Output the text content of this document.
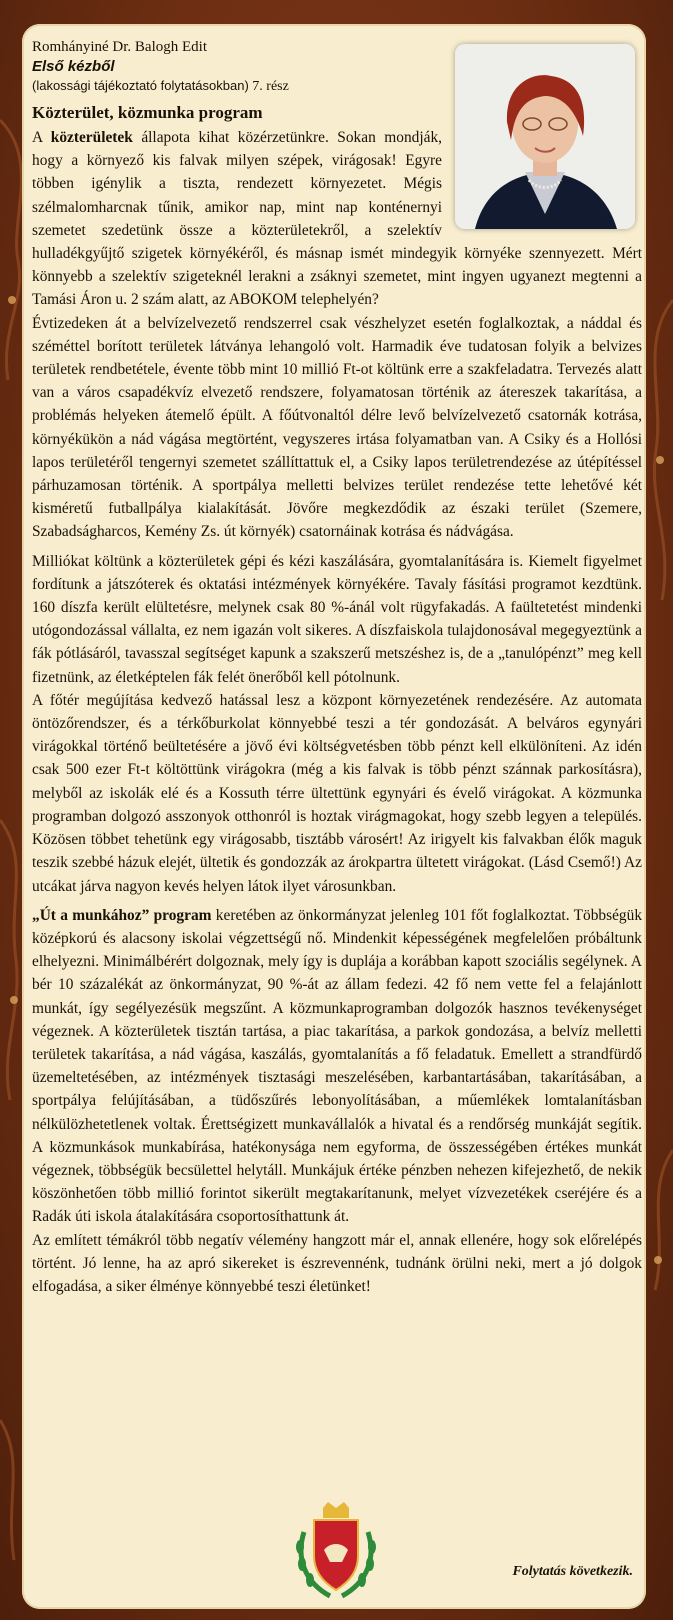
Romhányiné Dr. Balogh Edit
Első kézből
(lakossági tájékoztató folytatásokban) 7. rész
Közterület, közmunka program

A közterületek állapota kihat közérzetünkre. Sokan mondják, hogy a környező kis falvak milyen szépek, virágosak! Egyre többen igénylik a tiszta, rendezett környezetet. Mégis szélmalomharcnak tűnik, amikor nap, mint nap konténernyi szemetet szedetünk össze a közterületekről, a szelektív hulladékgyűjtő szigetek környékéről, és másnap ismét mindegyik környéke szennyezett. Mért könnyebb a szelektív szigeteknél lerakni a zsáknyi szemetet, mint ingyen ugyanezt megtenni a Tamási Áron u. 2 szám alatt, az ABOKOM telephelyén?

Évtizedeken át a belvízelvezető rendszerrel csak vészhelyzet esetén foglalkoztak, a náddal és széméttel borított területek látványa lehangoló volt. Harmadik éve tudatosan folyik a belvizes területek rendbetétele, évente több mint 10 millió Ft-ot költünk erre a szakfeladatra. Tervezés alatt van a város csapadékvíz elvezető rendszere, folyamatosan történik az átereszek takarítása, a problémás helyeken átemelő épült. A főútvonaltól délre levő belvízelvezető csatornák kotrása, környékükön a nád vágása megtörtént, vegyszeres irtása folyamatban van. A Csiky és a Hollósi lapos területéről tengernyi szemetet szállíttattuk el, a Csiky lapos területrendezése az útépítéssel párhuzamosan történik. A sportpálya melletti belvizes terület rendezése tette lehetővé két kisméretű futballpálya kialakítását. Jövőre megkezdődik az északi terület (Szemere, Szabadságharcos, Kemény Zs. út környék) csatornáinak kotrása és nádvágása.

Milliókat költünk a közterületek gépi és kézi kaszálására, gyomtalanítására is. Kiemelt figyelmet fordítunk a játszóterek és oktatási intézmények környékére. Tavaly fásítási programot kezdtünk. 160 díszfa került elültetésre, melynek csak 80 %-ánál volt rügyfakadás. A faültetetést mindenki utógondozással vállalta, ez nem igazán volt sikeres. A díszfaiskola tulajdonosával megegyeztünk a fák pótlásáról, tavasszal segítséget kapunk a szakszerű metszéshez is, de a „tanulópénzt” meg kell fizetnünk, az életképtelen fák felét önerőből kell pótolnunk.

A főtér megújítása kedvező hatással lesz a központ környezetének rendezésére. Az automata öntözőrendszer, és a térkőburkolat könnyebbé teszi a tér gondozását. A belváros egynyári virágokkal történő beültetésére a jövő évi költségvetésben több pénzt kell elkülöníteni. Az idén csak 500 ezer Ft-t költöttünk virágokra (még a kis falvak is több pénzt szánnak parkosításra), melyből az iskolák elé és a Kossuth térre ültettünk egynyári és évelő virágokat. A közmunka programban dolgozó asszonyok otthonról is hoztak virágmagokat, hogy szebb legyen a település. Közösen többet tehetünk egy virágosabb, tisztább városért! Az irigyelt kis falvakban élők maguk teszik szebbé házuk elejét, ültetik és gondozzák az árokpartra ültetett virágokat. (Lásd Csemő!) Az utcákat járva nagyon kevés helyen látok ilyet városunkban.

„Út a munkához” program keretében az önkormányzat jelenleg 101 főt foglalkoztat. Többségük középkorú és alacsony iskolai végzettségű nő. Mindenkit képességének megfelelően próbáltunk elhelyezni. Minimálbérért dolgoznak, mely így is duplája a korábban kapott szociális segélynek. A bér 10 százalékát az önkormányzat, 90 %-át az állam fedezi. 42 fő nem vette fel a felajánlott munkát, így segélyezésük megszűnt. A közmunkaprogramban dolgozók hasznos tevékenységet végeznek. A közterületek tisztán tartása, a piac takarítása, a parkok gondozása, a belvíz melletti területek takarítása, a nád vágása, kaszálás, gyomtalanítás a fő feladatuk. Emellett a strandfürdő üzemeltetésében, az intézmények tisztasági meszelésében, karbantartásában, takarításában, a sportpálya felújításában, a tüdőszűrés lebonyolításában, a műemlékek lomtalanításban nélkülözhetetlenek voltak. Érettségizett munkavállalók a hivatal és a rendőrség munkáját segítik. A közmunkások munkabírása, hatékonysága nem egyforma, de összességében értékes munkát végeznek, többségük becsülettel helytáll. Munkájuk értéke pénzben nehezen kifejezhető, de nekik köszönhetően több millió forintot sikerült megtakarítanunk, melyet vízvezetékek cseréjére és a Radák úti iskola átalakítására csoportosíthattunk át.

Az említett témákról több negatív vélemény hangzott már el, annak ellenére, hogy sok előrelépés történt. Jó lenne, ha az apró sikereket is észrevennénk, tudnánk örülni neki, mert a jó dolgok elfogadása, a siker élménye könnyebbé teszi életünket!

Folytatás következik.
